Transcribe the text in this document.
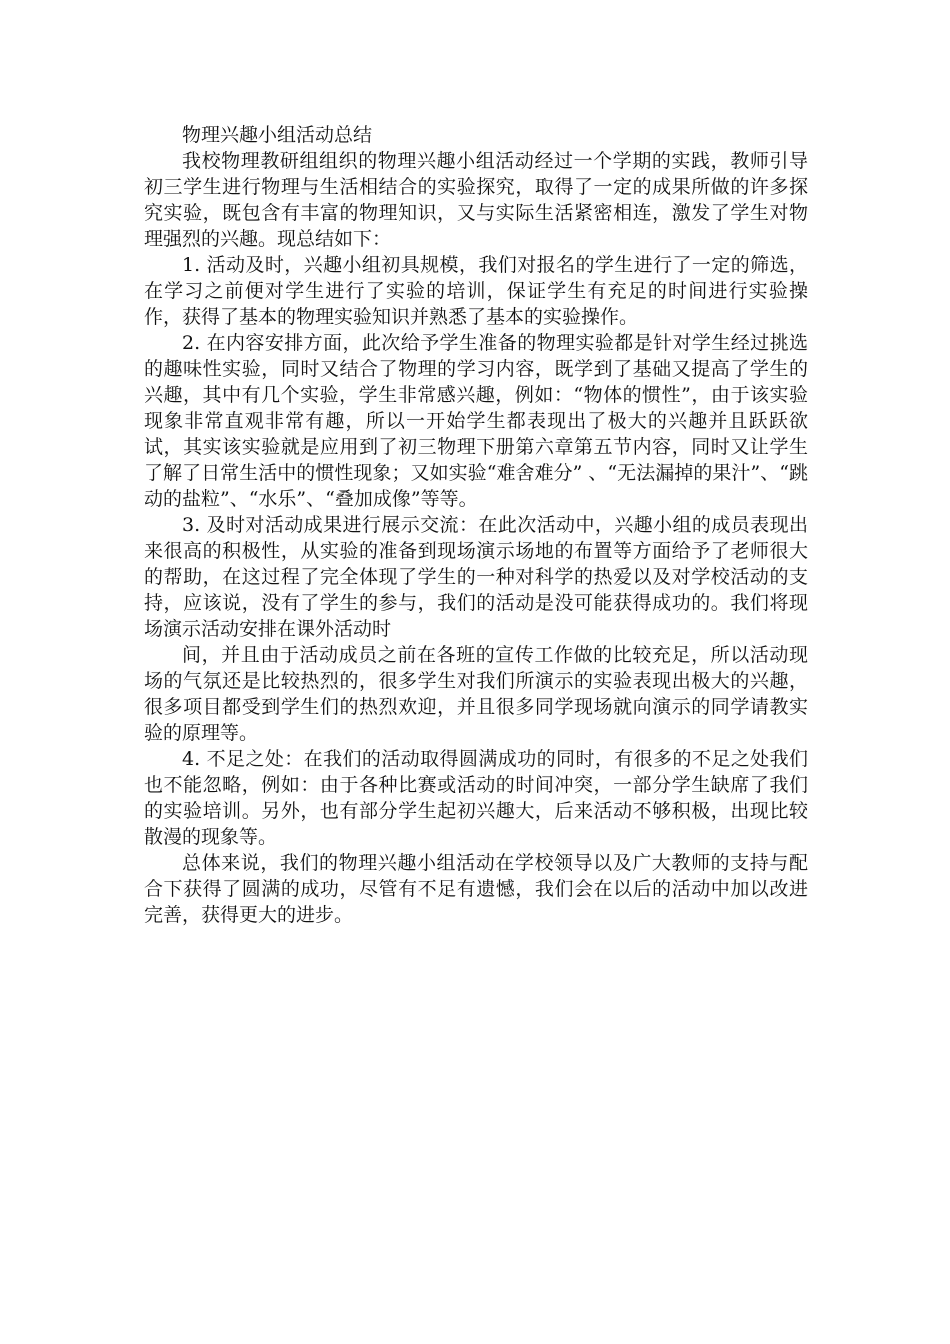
物理兴趣小组活动总结

我校物理教研组组织的物理兴趣小组活动经过一个学期的实践，教师引导初三学生进行物理与生活相结合的实验探究，取得了一定的成果所做的许多探究实验，既包含有丰富的物理知识，又与实际生活紧密相连，激发了学生对物理强烈的兴趣。现总结如下：

1. 活动及时，兴趣小组初具规模，我们对报名的学生进行了一定的筛选，在学习之前便对学生进行了实验的培训，保证学生有充足的时间进行实验操作，获得了基本的物理实验知识并熟悉了基本的实验操作。

2. 在内容安排方面，此次给予学生准备的物理实验都是针对学生经过挑选的趣味性实验，同时又结合了物理的学习内容，既学到了基础又提高了学生的兴趣，其中有几个实验，学生非常感兴趣，例如：“物体的惯性”，由于该实验现象非常直观非常有趣，所以一开始学生都表现出了极大的兴趣并且跃跃欲试，其实该实验就是应用到了初三物理下册第六章第五节内容，同时又让学生了解了日常生活中的惯性现象；又如实验“难舍难分” 、“无法漏掉的果汁”、“跳动的盐粒”、“水乐”、“叠加成像”等等。

3. 及时对活动成果进行展示交流：在此次活动中，兴趣小组的成员表现出来很高的积极性，从实验的准备到现场演示场地的布置等方面给予了老师很大的帮助，在这过程了完全体现了学生的一种对科学的热爱以及对学校活动的支持，应该说，没有了学生的参与，我们的活动是没可能获得成功的。我们将现场演示活动安排在课外活动时

间，并且由于活动成员之前在各班的宣传工作做的比较充足，所以活动现场的气氛还是比较热烈的，很多学生对我们所演示的实验表现出极大的兴趣，很多项目都受到学生们的热烈欢迎，并且很多同学现场就向演示的同学请教实验的原理等。

4. 不足之处：在我们的活动取得圆满成功的同时，有很多的不足之处我们也不能忽略，例如：由于各种比赛或活动的时间冲突，一部分学生缺席了我们的实验培训。另外，也有部分学生起初兴趣大，后来活动不够积极，出现比较散漫的现象等。

总体来说，我们的物理兴趣小组活动在学校领导以及广大教师的支持与配合下获得了圆满的成功，尽管有不足有遗憾，我们会在以后的活动中加以改进完善，获得更大的进步。
